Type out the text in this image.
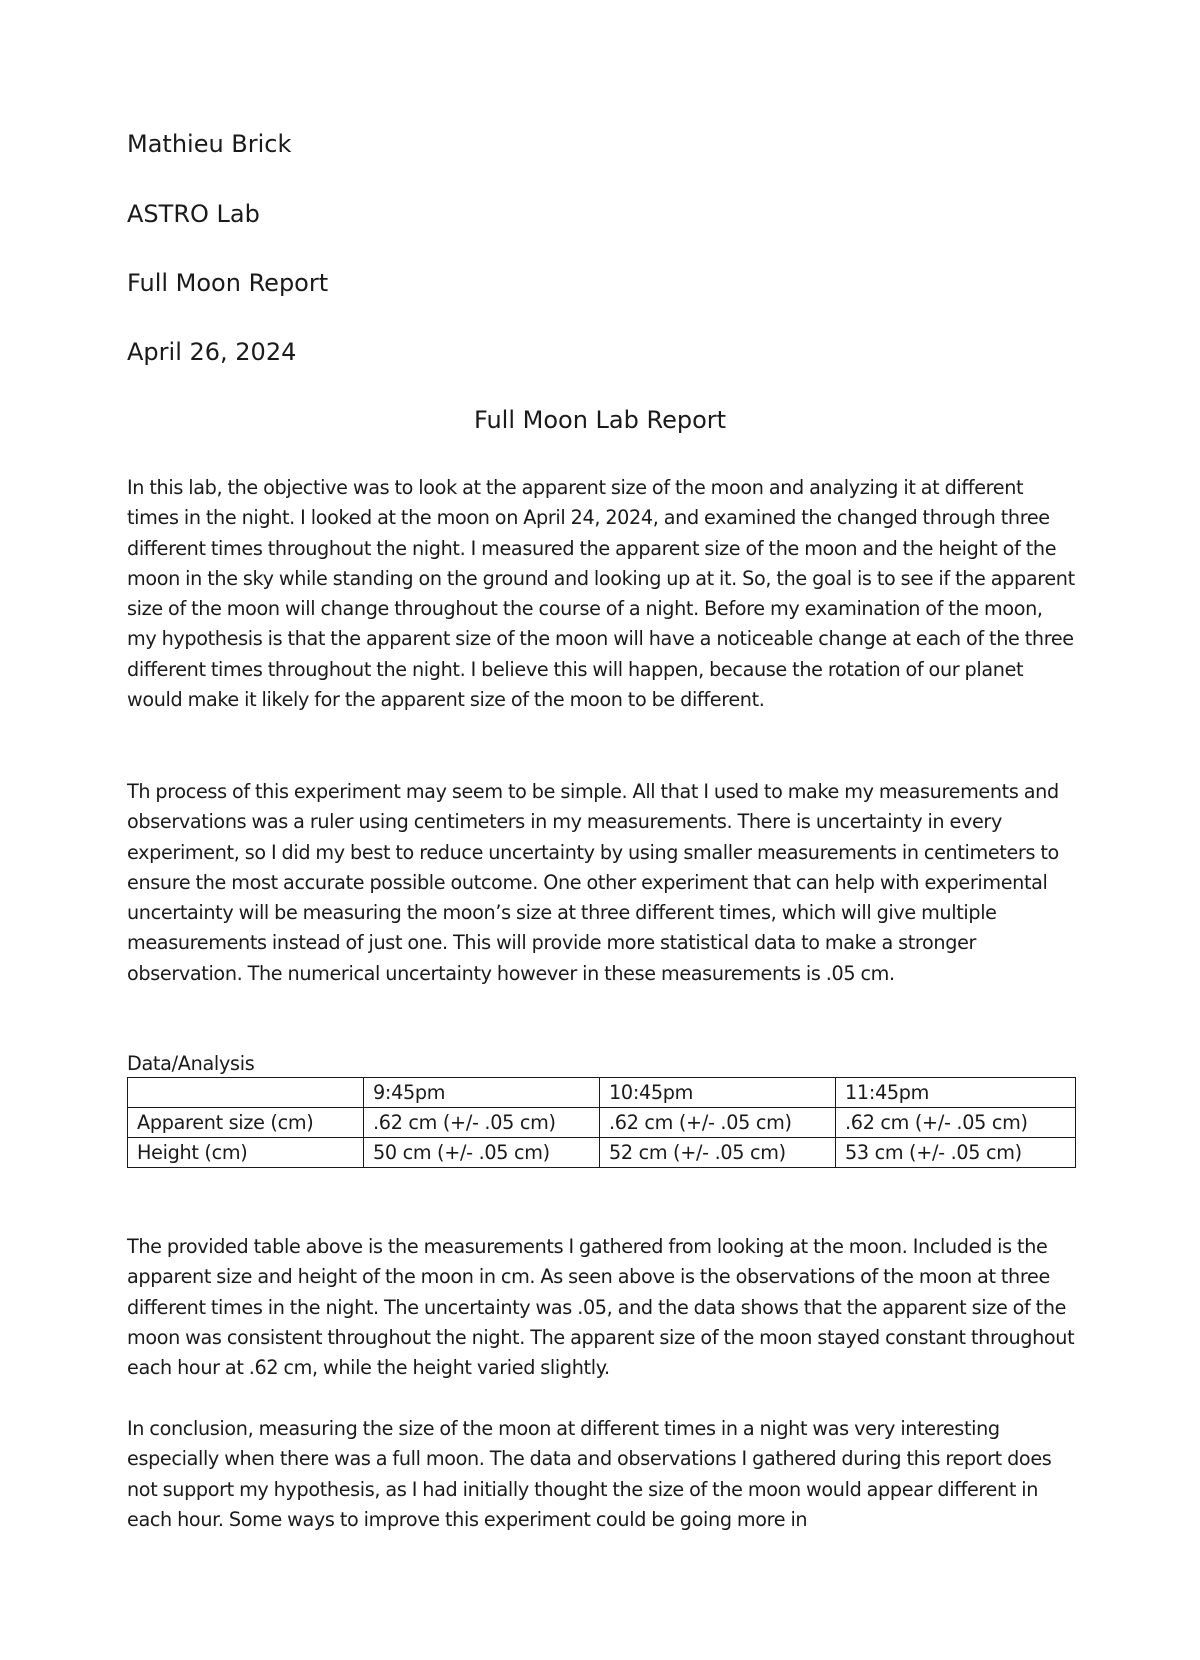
Mathieu Brick
ASTRO Lab
Full Moon Report
April 26, 2024
Full Moon Lab Report

In this lab, the objective was to look at the apparent size of the moon and analyzing it at different times in the night. I looked at the moon on April 24, 2024, and examined the changed through three different times throughout the night. I measured the apparent size of the moon and the height of the moon in the sky while standing on the ground and looking up at it. So, the goal is to see if the apparent size of the moon will change throughout the course of a night. Before my examination of the moon, my hypothesis is that the apparent size of the moon will have a noticeable change at each of the three different times throughout the night. I believe this will happen, because the rotation of our planet would make it likely for the apparent size of the moon to be different.

Th process of this experiment may seem to be simple. All that I used to make my measurements and observations was a ruler using centimeters in my measurements. There is uncertainty in every experiment, so I did my best to reduce uncertainty by using smaller measurements in centimeters to ensure the most accurate possible outcome. One other experiment that can help with experimental uncertainty will be measuring the moon’s size at three different times, which will give multiple measurements instead of just one. This will provide more statistical data to make a stronger observation. The numerical uncertainty however in these measurements is .05 cm.

Data/Analysis
	9:45pm	10:45pm	11:45pm
Apparent size (cm)	.62 cm (+/- .05 cm)	.62 cm (+/- .05 cm)	.62 cm (+/- .05 cm)
Height (cm)	50 cm (+/- .05 cm)	52 cm (+/- .05 cm)	53 cm (+/- .05 cm)

The provided table above is the measurements I gathered from looking at the moon. Included is the apparent size and height of the moon in cm. As seen above is the observations of the moon at three different times in the night. The uncertainty was .05, and the data shows that the apparent size of the moon was consistent throughout the night. The apparent size of the moon stayed constant throughout each hour at .62 cm, while the height varied slightly.

In conclusion, measuring the size of the moon at different times in a night was very interesting especially when there was a full moon. The data and observations I gathered during this report does not support my hypothesis, as I had initially thought the size of the moon would appear different in each hour. Some ways to improve this experiment could be going more in
